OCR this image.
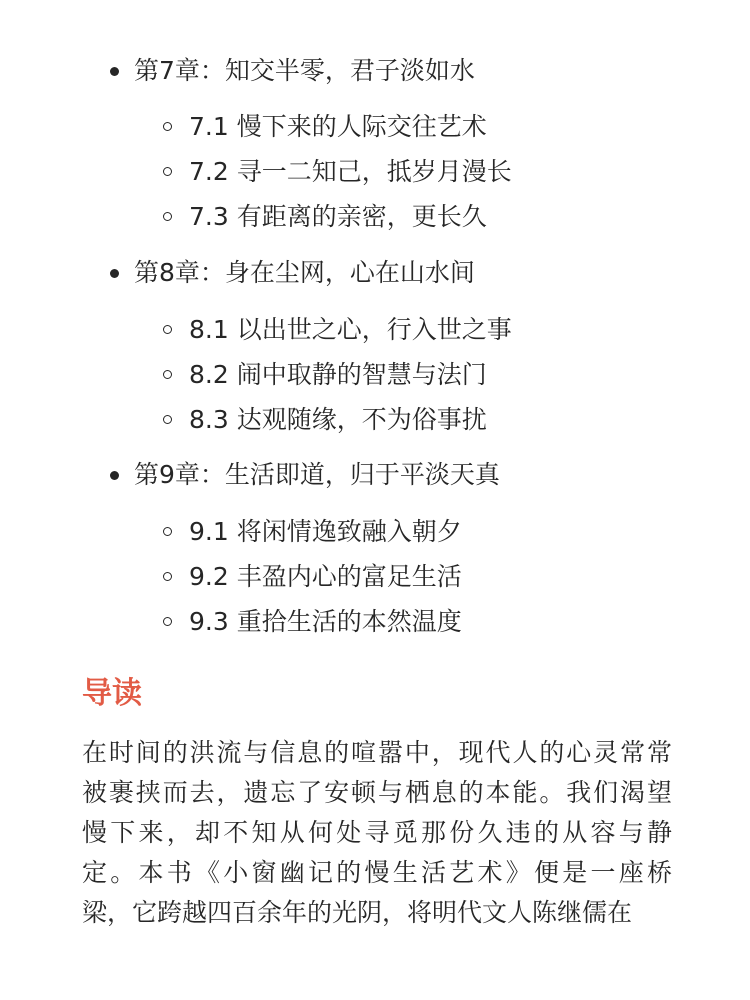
第7章：知交半零，君子淡如水
7.1 慢下来的人际交往艺术
7.2 寻一二知己，抵岁月漫长
7.3 有距离的亲密，更长久
第8章：身在尘网，心在山水间
8.1 以出世之心，行入世之事
8.2 闹中取静的智慧与法门
8.3 达观随缘，不为俗事扰
第9章：生活即道，归于平淡天真
9.1 将闲情逸致融入朝夕
9.2 丰盈内心的富足生活
9.3 重拾生活的本然温度
导读

在时间的洪流与信息的喧嚣中，现代人的心灵常常
被裹挟而去，遗忘了安顿与栖息的本能。我们渴望
慢下来，却不知从何处寻觅那份久违的从容与静
定。本书《小窗幽记的慢生活艺术》便是一座桥
梁，它跨越四百余年的光阴，将明代文人陈继儒在
